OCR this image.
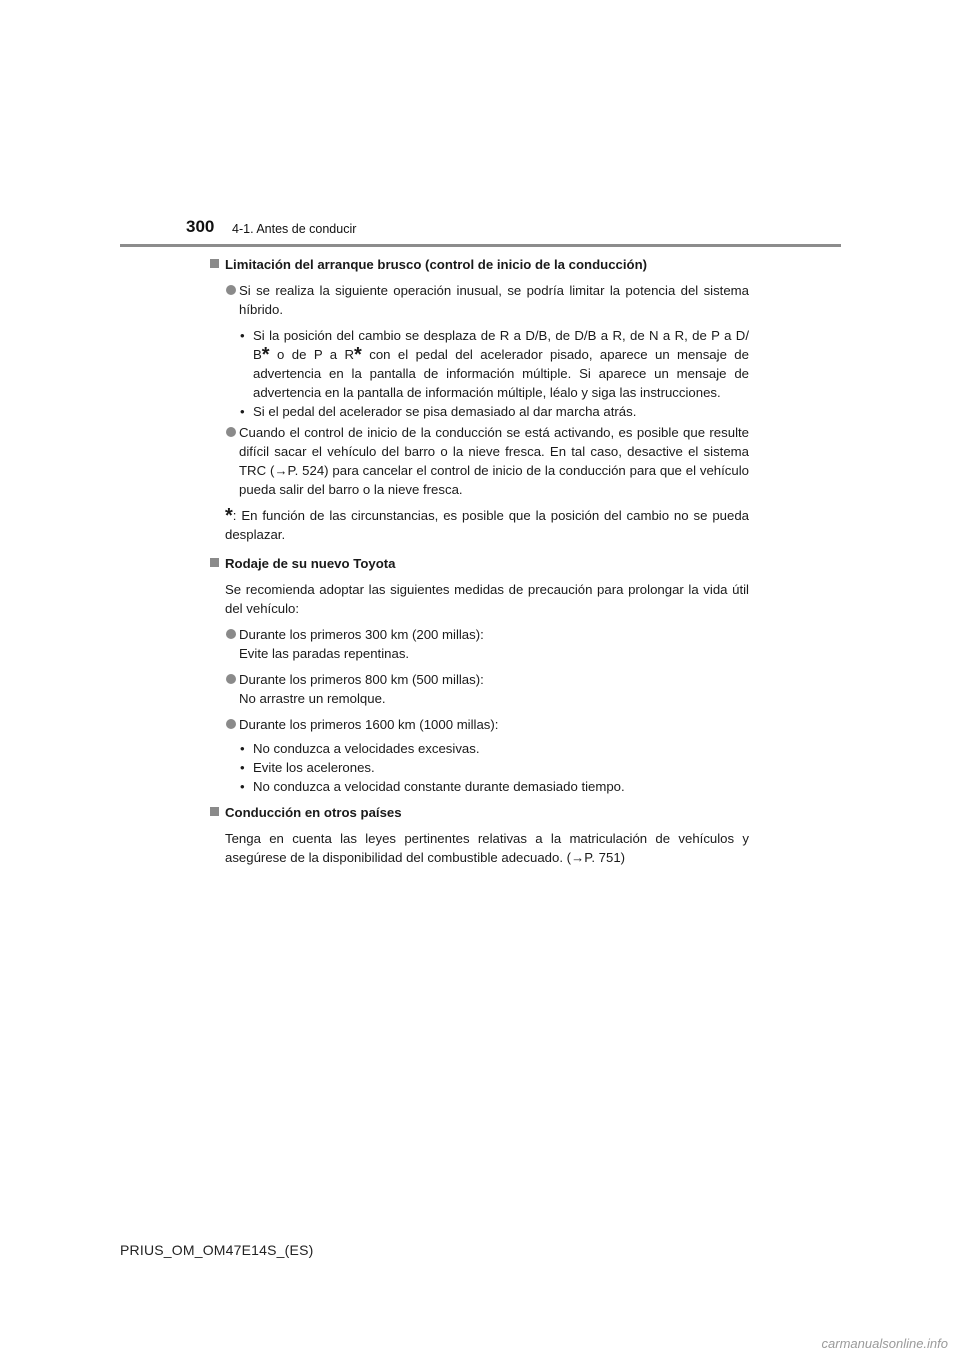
300 4-1. Antes de conducir
Limitación del arranque brusco (control de inicio de la conducción)
Si se realiza la siguiente operación inusual, se podría limitar la potencia del sistema híbrido.
• Si la posición del cambio se desplaza de R a D/B, de D/B a R, de N a R, de P a D/ B* o de P a R* con el pedal del acelerador pisado, aparece un mensaje de advertencia en la pantalla de información múltiple. Si aparece un mensaje de advertencia en la pantalla de información múltiple, léalo y siga las instrucciones.
• Si el pedal del acelerador se pisa demasiado al dar marcha atrás.
Cuando el control de inicio de la conducción se está activando, es posible que resulte difícil sacar el vehículo del barro o la nieve fresca. En tal caso, desactive el sistema TRC (→P. 524) para cancelar el control de inicio de la conducción para que el vehículo pueda salir del barro o la nieve fresca.
*: En función de las circunstancias, es posible que la posición del cambio no se pueda desplazar.
Rodaje de su nuevo Toyota
Se recomienda adoptar las siguientes medidas de precaución para prolongar la vida útil del vehículo:
Durante los primeros 300 km (200 millas):
Evite las paradas repentinas.
Durante los primeros 800 km (500 millas):
No arrastre un remolque.
Durante los primeros 1600 km (1000 millas):
• No conduzca a velocidades excesivas.
• Evite los acelerones.
• No conduzca a velocidad constante durante demasiado tiempo.
Conducción en otros países
Tenga en cuenta las leyes pertinentes relativas a la matriculación de vehículos y asegúrese de la disponibilidad del combustible adecuado. (→P. 751)
PRIUS_OM_OM47E14S_(ES)
carmanualsonline.info
